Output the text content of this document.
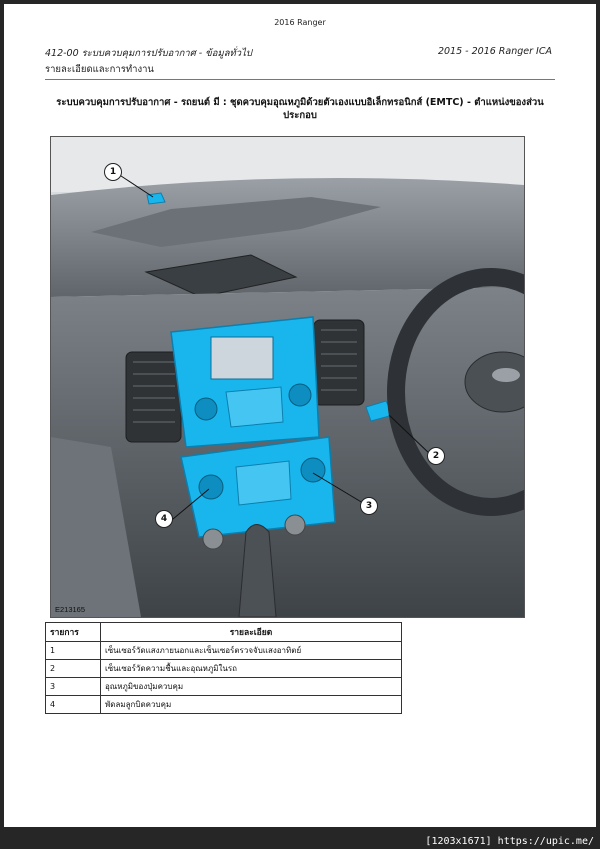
2016 Ranger
412-00 ระบบควบคุมการปรับอากาศ - ข้อมูลทั่วไป
รายละเอียดและการทำงาน
2015 - 2016 Ranger ICA
ระบบควบคุมการปรับอากาศ - รถยนต์ มี : ชุดควบคุมอุณหภูมิด้วยตัวเองแบบอิเล็กทรอนิกส์ (EMTC) - ตำแหน่งของส่วนประกอบ
1
2
3
4
E213165
รายการ	รายละเอียด
1	เซ็นเซอร์วัดแสงภายนอกและเซ็นเซอร์ตรวจจับแสงอาทิตย์
2	เซ็นเซอร์วัดความชื้นและอุณหภูมิในรถ
3	อุณหภูมิของปุ่มควบคุม
4	พัดลมลูกบิดควบคุม
[1203x1671] https://upic.me/
